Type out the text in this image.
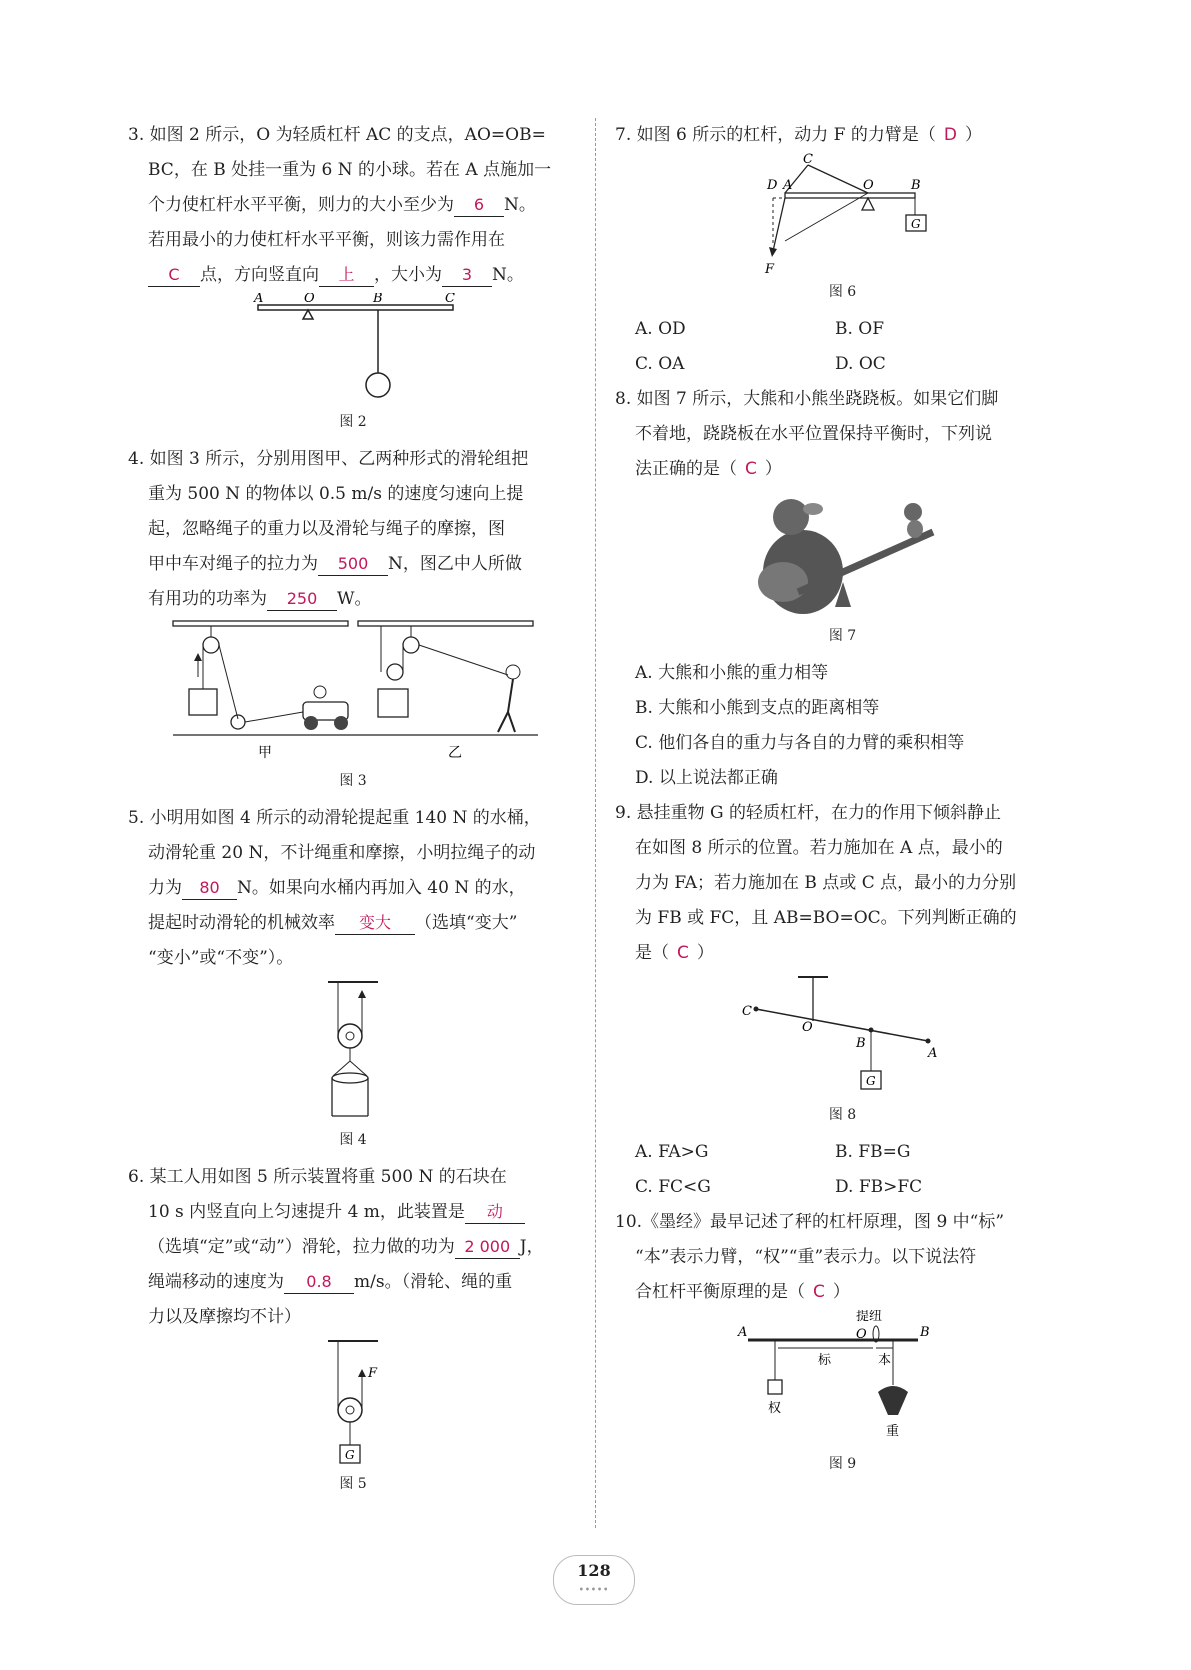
3. 如图 2 所示，O 为轻质杠杆 AC 的支点，AO=OB=

BC，在 B 处挂一重为 6 N 的小球。若在 A 点施加一

个力使杠杆水平平衡，则力的大小至少为 6 N。

若用最小的力使杠杆水平平衡，则该力需作用在

C 点，方向竖直向 上 ，大小为 3 N。

A	O	B	C
图 2

4. 如图 3 所示，分别用图甲、乙两种形式的滑轮组把

重为 500 N 的物体以 0.5 m/s 的速度匀速向上提

起，忽略绳子的重力以及滑轮与绳子的摩擦，图

甲中车对绳子的拉力为 500 N，图乙中人所做

有用功的功率为 250 W。

甲	乙
图 3

5. 小明用如图 4 所示的动滑轮提起重 140 N 的水桶，

动滑轮重 20 N，不计绳重和摩擦，小明拉绳子的动

力为 80 N。如果向水桶内再加入 40 N 的水，

提起时动滑轮的机械效率 变大 （选填“变大”

“变小”或“不变”）。

图 4

6. 某工人用如图 5 所示装置将重 500 N 的石块在

10 s 内竖直向上匀速提升 4 m，此装置是 动

（选填“定”或“动”）滑轮，拉力做的功为 2 000 J，

绳端移动的速度为 0.8 m/s。（滑轮、绳的重

力以及摩擦均不计）

F
G
图 5

7. 如图 6 所示的杠杆，动力 F 的力臂是（ D ）

C
D A	O	B
F
G
图 6
A. OD	B. OF
C. OA	D. OC

8. 如图 7 所示，大熊和小熊坐跷跷板。如果它们脚

不着地，跷跷板在水平位置保持平衡时，下列说

法正确的是（ C ）

图 7
A. 大熊和小熊的重力相等
B. 大熊和小熊到支点的距离相等
C. 他们各自的重力与各自的力臂的乘积相等
D. 以上说法都正确

9. 悬挂重物 G 的轻质杠杆，在力的作用下倾斜静止

在如图 8 所示的位置。若力施加在 A 点，最小的

力为 FA；若力施加在 B 点或 C 点，最小的力分别

为 FB 或 FC，且 AB=BO=OC。下列判断正确的

是（ C ）

C
O
B
A
G
图 8
A. FA>G	B. FB=G
C. FC<G	D. FB>FC

10.《墨经》最早记述了秤的杠杆原理，图 9 中“标”

“本”表示力臂，“权”“重”表示力。以下说法符

合杠杆平衡原理的是（ C ）

提纽
A	O	B
标	本
权
重
图 9
128
•••••
